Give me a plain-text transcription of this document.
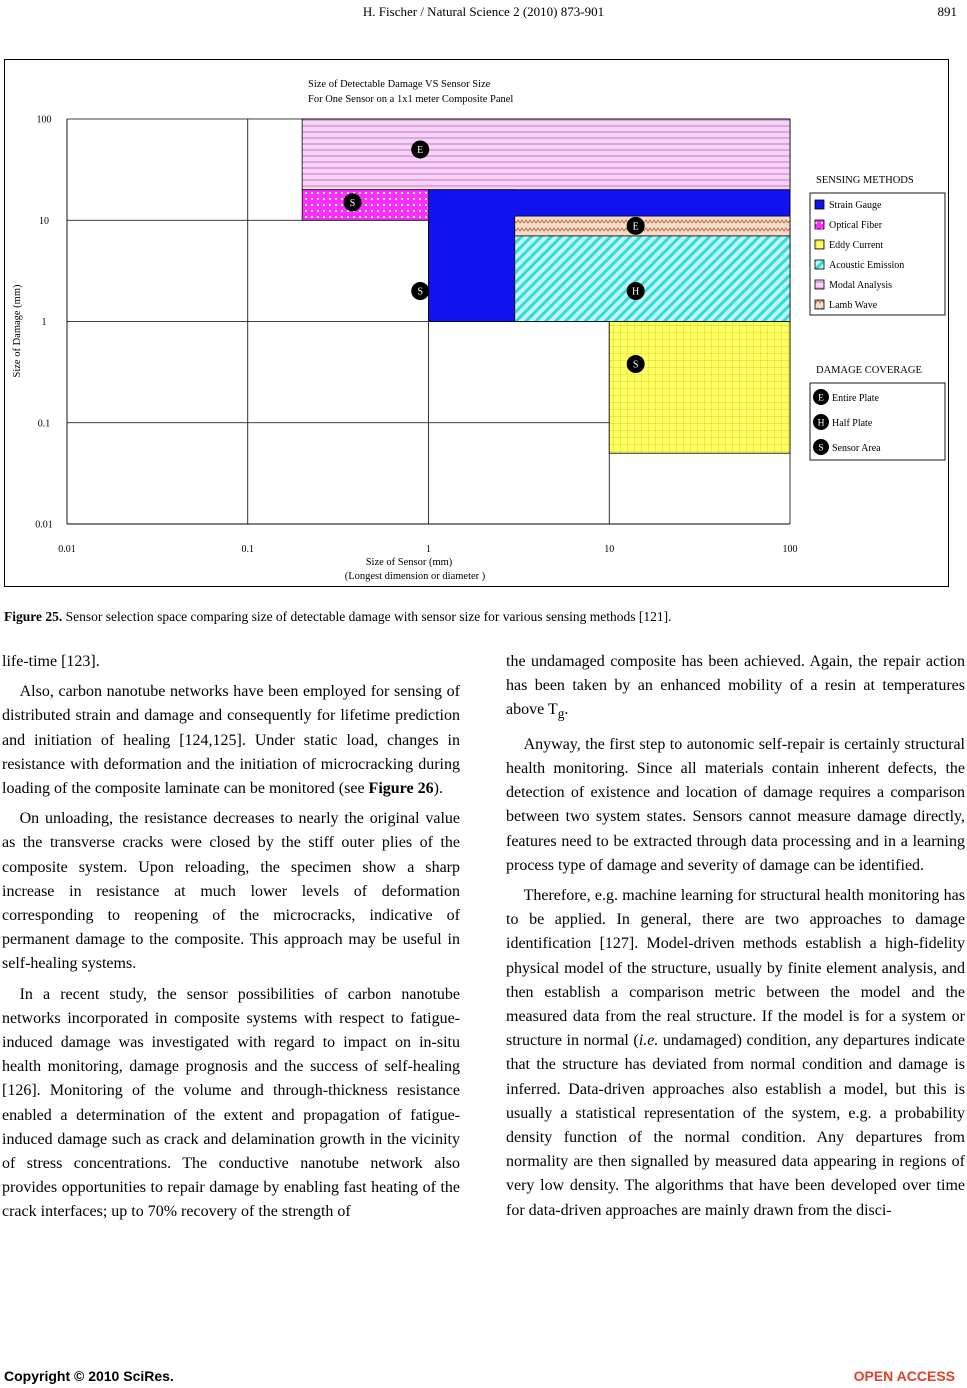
H. Fischer / Natural Science 2 (2010) 873-901	891
E
S
S
E
H
S
SENSING METHODS
Strain Gauge
Optical Fiber
Eddy Current
Acoustic Emission
Modal Analysis
Lamb Wave
DAMAGE COVERAGE
E Entire Plate
H Half Plate
S Sensor Area
0.01	0.1	1	10	100
0.01
0.1
1
10
100
Size of Detectable Damage VS Sensor Size
For One Sensor on a 1x1 meter Composite Panel
Size of Sensor (mm)
(Longest dimension or diameter )
Size of Damage (mm)
Figure 25. Sensor selection space comparing size of detectable damage with sensor size for various sensing methods [121].

life-time [123].

Also, carbon nanotube networks have been employed for sensing of distributed strain and damage and consequently for lifetime prediction and initiation of healing [124,125]. Under static load, changes in resistance with deformation and the initiation of microcracking during loading of the composite laminate can be monitored (see Figure 26).

On unloading, the resistance decreases to nearly the original value as the transverse cracks were closed by the stiff outer plies of the composite system. Upon reloading, the specimen show a sharp increase in resistance at much lower levels of deformation corresponding to reopening of the microcracks, indicative of permanent damage to the composite. This approach may be useful in self-healing systems.

In a recent study, the sensor possibilities of carbon nanotube networks incorporated in composite systems with respect to fatigue-induced damage was investigated with regard to impact on in-situ health monitoring, damage prognosis and the success of self-healing [126]. Monitoring of the volume and through-thickness resistance enabled a determination of the extent and propagation of fatigue-induced damage such as crack and delamination growth in the vicinity of stress concentrations. The conductive nanotube network also provides opportunities to repair damage by enabling fast heating of the crack interfaces; up to 70% recovery of the strength of

the undamaged composite has been achieved. Again, the repair action has been taken by an enhanced mobility of a resin at temperatures above $T_g$.

Anyway, the first step to autonomic self-repair is certainly structural health monitoring. Since all materials contain inherent defects, the detection of existence and location of damage requires a comparison between two system states. Sensors cannot measure damage directly, features need to be extracted through data processing and in a learning process type of damage and severity of damage can be identified.

Therefore, e.g. machine learning for structural health monitoring has to be applied. In general, there are two approaches to damage identification [127]. Model-driven methods establish a high-fidelity physical model of the structure, usually by finite element analysis, and then establish a comparison metric between the model and the measured data from the real structure. If the model is for a system or structure in normal (i.e. undamaged) condition, any departures indicate that the structure has deviated from normal condition and damage is inferred. Data-driven approaches also establish a model, but this is usually a statistical representation of the system, e.g. a probability density function of the normal condition. Any departures from normality are then signalled by measured data appearing in regions of very low density. The algorithms that have been developed over time for data-driven approaches are mainly drawn from the disci-

Copyright © 2010 SciRes.	OPEN ACCESS
